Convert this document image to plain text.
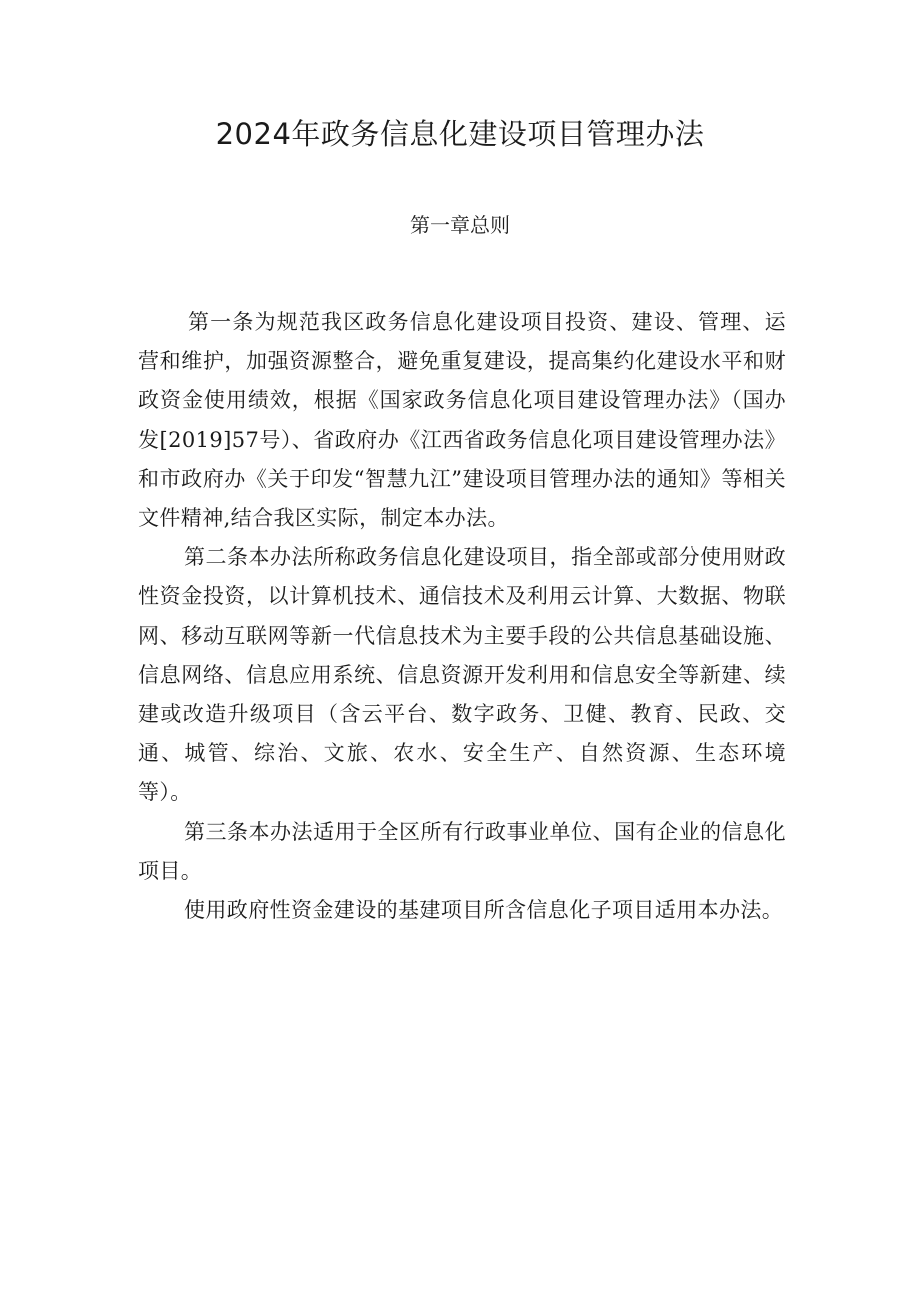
2024年政务信息化建设项目管理办法
第一章总则

第一条为规范我区政务信息化建设项目投资、建设、管理、运营和维护，加强资源整合，避免重复建设，提高集约化建设水平和财政资金使用绩效，根据《国家政务信息化项目建设管理办法》（国办发[2019]57号）、省政府办《江西省政务信息化项目建设管理办法》和市政府办《关于印发“智慧九江”建设项目管理办法的通知》等相关文件精神,结合我区实际，制定本办法。

第二条本办法所称政务信息化建设项目，指全部或部分使用财政性资金投资，以计算机技术、通信技术及利用云计算、大数据、物联网、移动互联网等新一代信息技术为主要手段的公共信息基础设施、信息网络、信息应用系统、信息资源开发利用和信息安全等新建、续建或改造升级项目（含云平台、数字政务、卫健、教育、民政、交通、城管、综治、文旅、农水、安全生产、自然资源、生态环境等）。

第三条本办法适用于全区所有行政事业单位、国有企业的信息化项目。

使用政府性资金建设的基建项目所含信息化子项目适用本办法。
